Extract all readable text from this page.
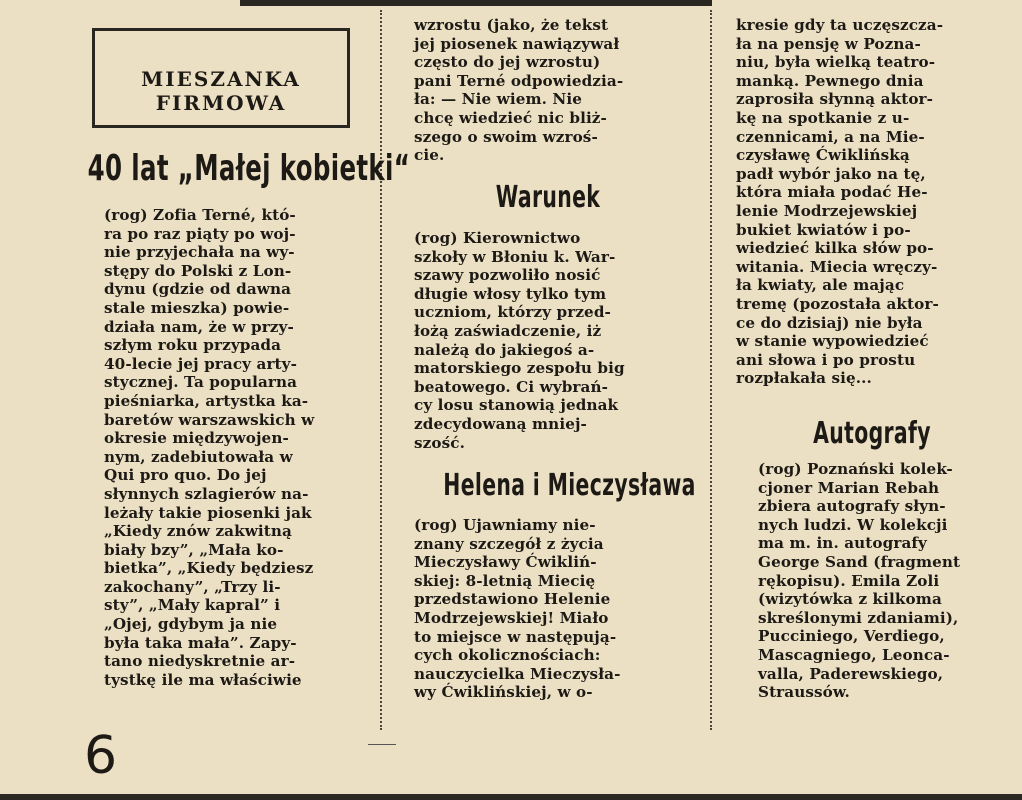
MIESZANKA
FIRMOWA
40 lat „Małej kobietki“

(rog) Zofia Terné, któ-
ra po raz piąty po woj-
nie przyjechała na wy-
stępy do Polski z Lon-
dynu (gdzie od dawna
stale mieszka) powie-
działa nam, że w przy-
szłym roku przypada
40-lecie jej pracy arty-
stycznej. Ta popularna
pieśniarka, artystka ka-
baretów warszawskich w
okresie międzywojen-
nym, zadebiutowała w
Qui pro quo. Do jej
słynnych szlagierów na-
leżały takie piosenki jak
„Kiedy znów zakwitną
biały bzy”, „Mała ko-
bietka”, „Kiedy będziesz
zakochany”, „Trzy li-
sty”, „Mały kapral” i
„Ojej, gdybym ja nie
była taka mała”. Zapy-
tano niedyskretnie ar-
tystkę ile ma właściwie

wzrostu (jako, że tekst
jej piosenek nawiązywał
często do jej wzrostu)
pani Terné odpowiedzia-
ła: — Nie wiem. Nie
chcę wiedzieć nic bliż-
szego o swoim wzroś-
cie.

Warunek

(rog) Kierownictwo
szkoły w Błoniu k. War-
szawy pozwoliło nosić
długie włosy tylko tym
uczniom, którzy przed-
łożą zaświadczenie, iż
należą do jakiegoś a-
matorskiego zespołu big
beatowego. Ci wybrań-
cy losu stanowią jednak
zdecydowaną mniej-
szość.

Helena i Mieczysława

(rog) Ujawniamy nie-
znany szczegół z życia
Mieczysławy Ćwikliń-
skiej: 8-letnią Miecię
przedstawiono Helenie
Modrzejewskiej! Miało
to miejsce w następują-
cych okolicznościach:
nauczycielka Mieczysła-
wy Ćwiklińskiej, w o-

kresie gdy ta uczęszcza-
ła na pensję w Pozna-
niu, była wielką teatro-
manką. Pewnego dnia
zaprosiła słynną aktor-
kę na spotkanie z u-
czennicami, a na Mie-
czysławę Ćwiklińską
padł wybór jako na tę,
która miała podać He-
lenie Modrzejewskiej
bukiet kwiatów i po-
wiedzieć kilka słów po-
witania. Miecia wręczy-
ła kwiaty, ale mając
tremę (pozostała aktor-
ce do dzisiaj) nie była
w stanie wypowiedzieć
ani słowa i po prostu
rozpłakała się...

Autografy

(rog) Poznański kolek-
cjoner Marian Rebah
zbiera autografy słyn-
nych ludzi. W kolekcji
ma m. in. autografy
George Sand (fragment
rękopisu). Emila Zoli
(wizytówka z kilkoma
skreślonymi zdaniami),
Pucciniego, Verdiego,
Mascagniego, Leonca-
valla, Paderewskiego,
Straussów.

6
